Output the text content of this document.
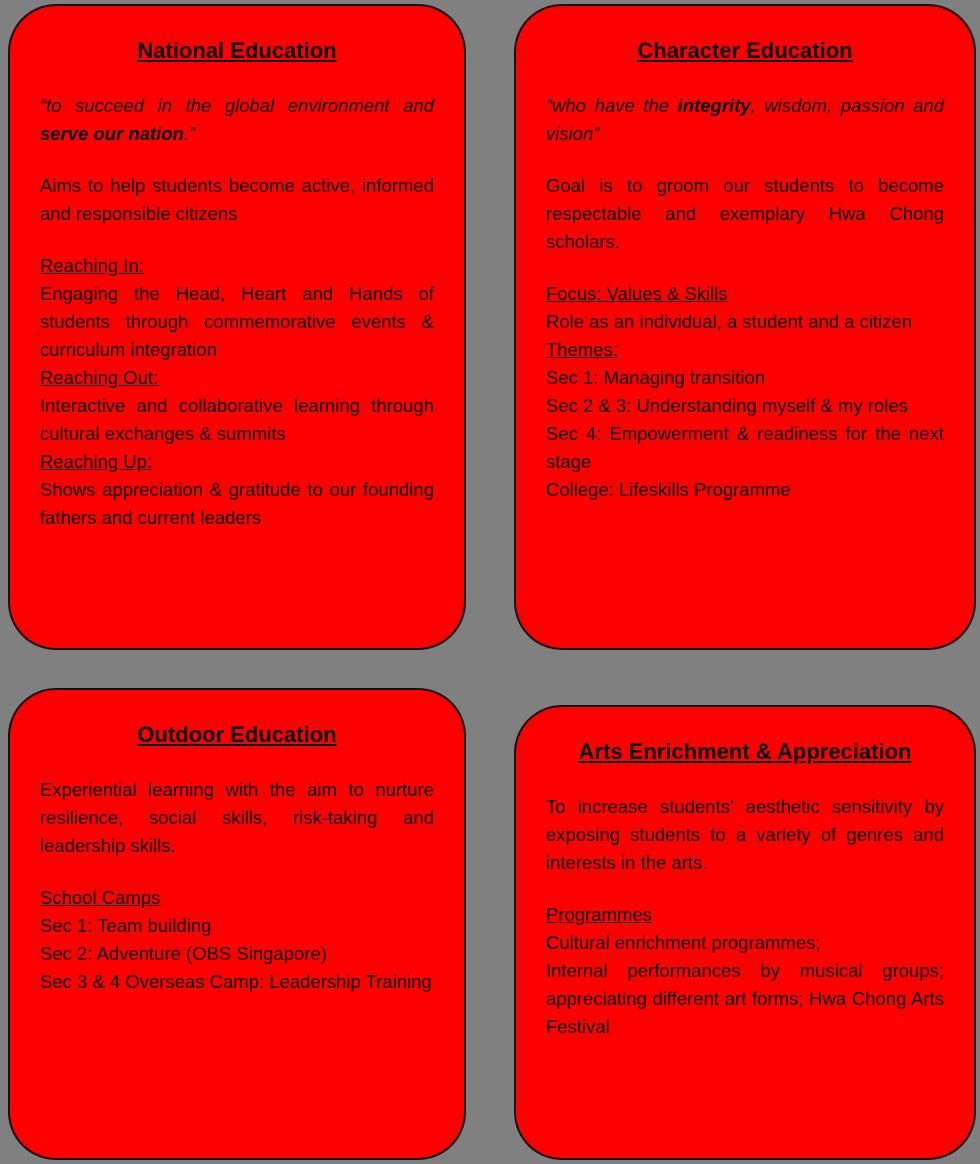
National Education

“to succeed in the global environment and serve our nation.”

Aims to help students become active, informed and responsible citizens

Reaching In:

Engaging the Head, Heart and Hands of students through commemorative events & curriculum integration

Reaching Out:

Interactive and collaborative learning through cultural exchanges & summits

Reaching Up:

Shows appreciation & gratitude to our founding fathers and current leaders

Character Education

“who have the integrity, wisdom, passion and vision”

Goal is to groom our students to become respectable and exemplary Hwa Chong scholars.

Focus: Values & Skills

Role as an individual, a student and a citizen

Themes:

Sec 1: Managing transition

Sec 2 & 3: Understanding myself & my roles

Sec 4: Empowerment & readiness for the next stage

College: Lifeskills Programme

Outdoor Education

Experiential learning with the aim to nurture resilience, social skills, risk-taking and leadership skills.

School Camps

Sec 1: Team building

Sec 2: Adventure (OBS Singapore)

Sec 3 & 4 Overseas Camp: Leadership Training

Arts Enrichment & Appreciation

To increase students’ aesthetic sensitivity by exposing students to a variety of genres and interests in the arts.

Programmes

Cultural enrichment programmes;

Internal performances by musical groups; appreciating different art forms; Hwa Chong Arts Festival
